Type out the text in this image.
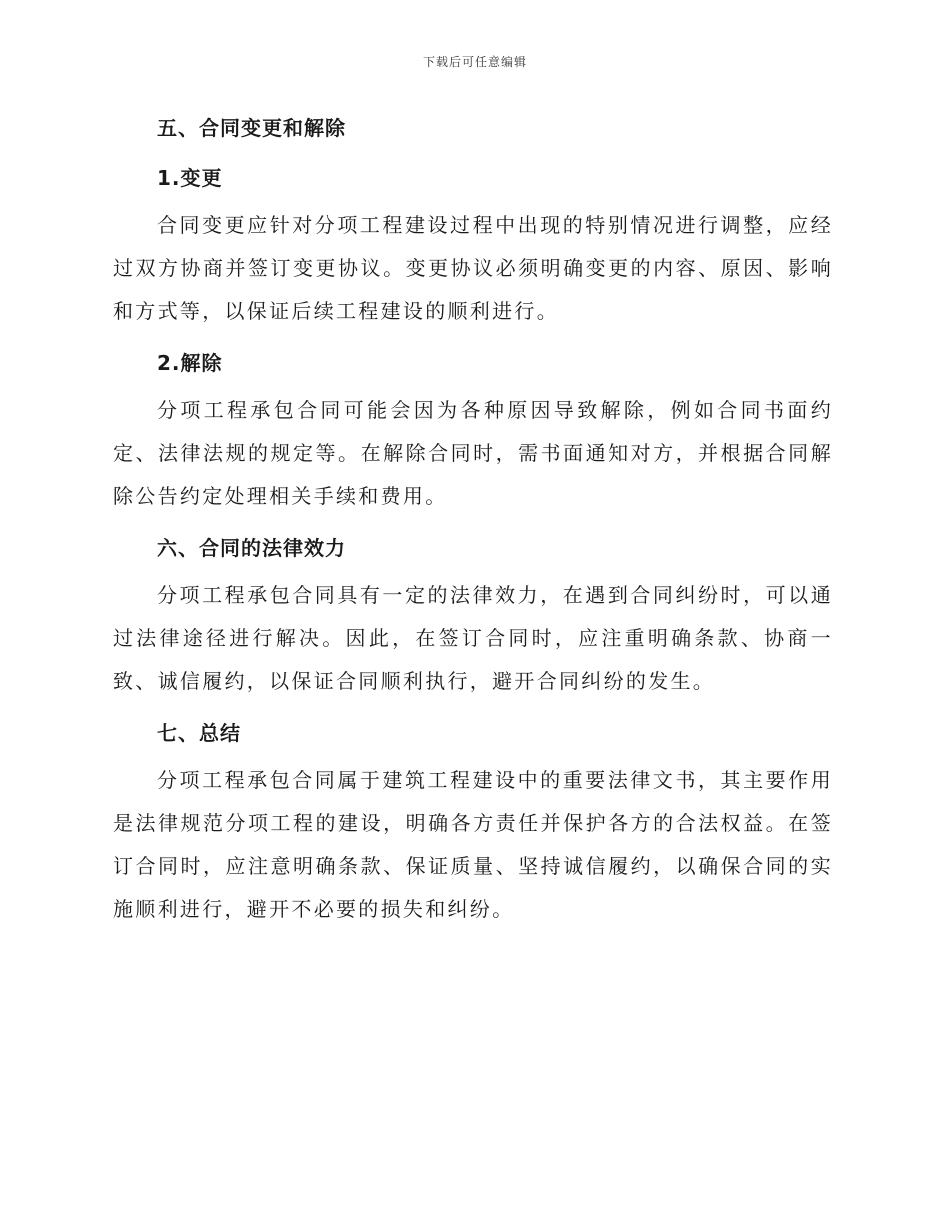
下载后可任意编辑
五、合同变更和解除
1.变更

合同变更应针对分项工程建设过程中出现的特别情况进行调整，应经过双方协商并签订变更协议。变更协议必须明确变更的内容、原因、影响和方式等，以保证后续工程建设的顺利进行。

2.解除

分项工程承包合同可能会因为各种原因导致解除，例如合同书面约定、法律法规的规定等。在解除合同时，需书面通知对方，并根据合同解除公告约定处理相关手续和费用。

六、合同的法律效力

分项工程承包合同具有一定的法律效力，在遇到合同纠纷时，可以通过法律途径进行解决。因此，在签订合同时，应注重明确条款、协商一致、诚信履约，以保证合同顺利执行，避开合同纠纷的发生。

七、总结

分项工程承包合同属于建筑工程建设中的重要法律文书，其主要作用是法律规范分项工程的建设，明确各方责任并保护各方的合法权益。在签订合同时，应注意明确条款、保证质量、坚持诚信履约，以确保合同的实施顺利进行，避开不必要的损失和纠纷。
